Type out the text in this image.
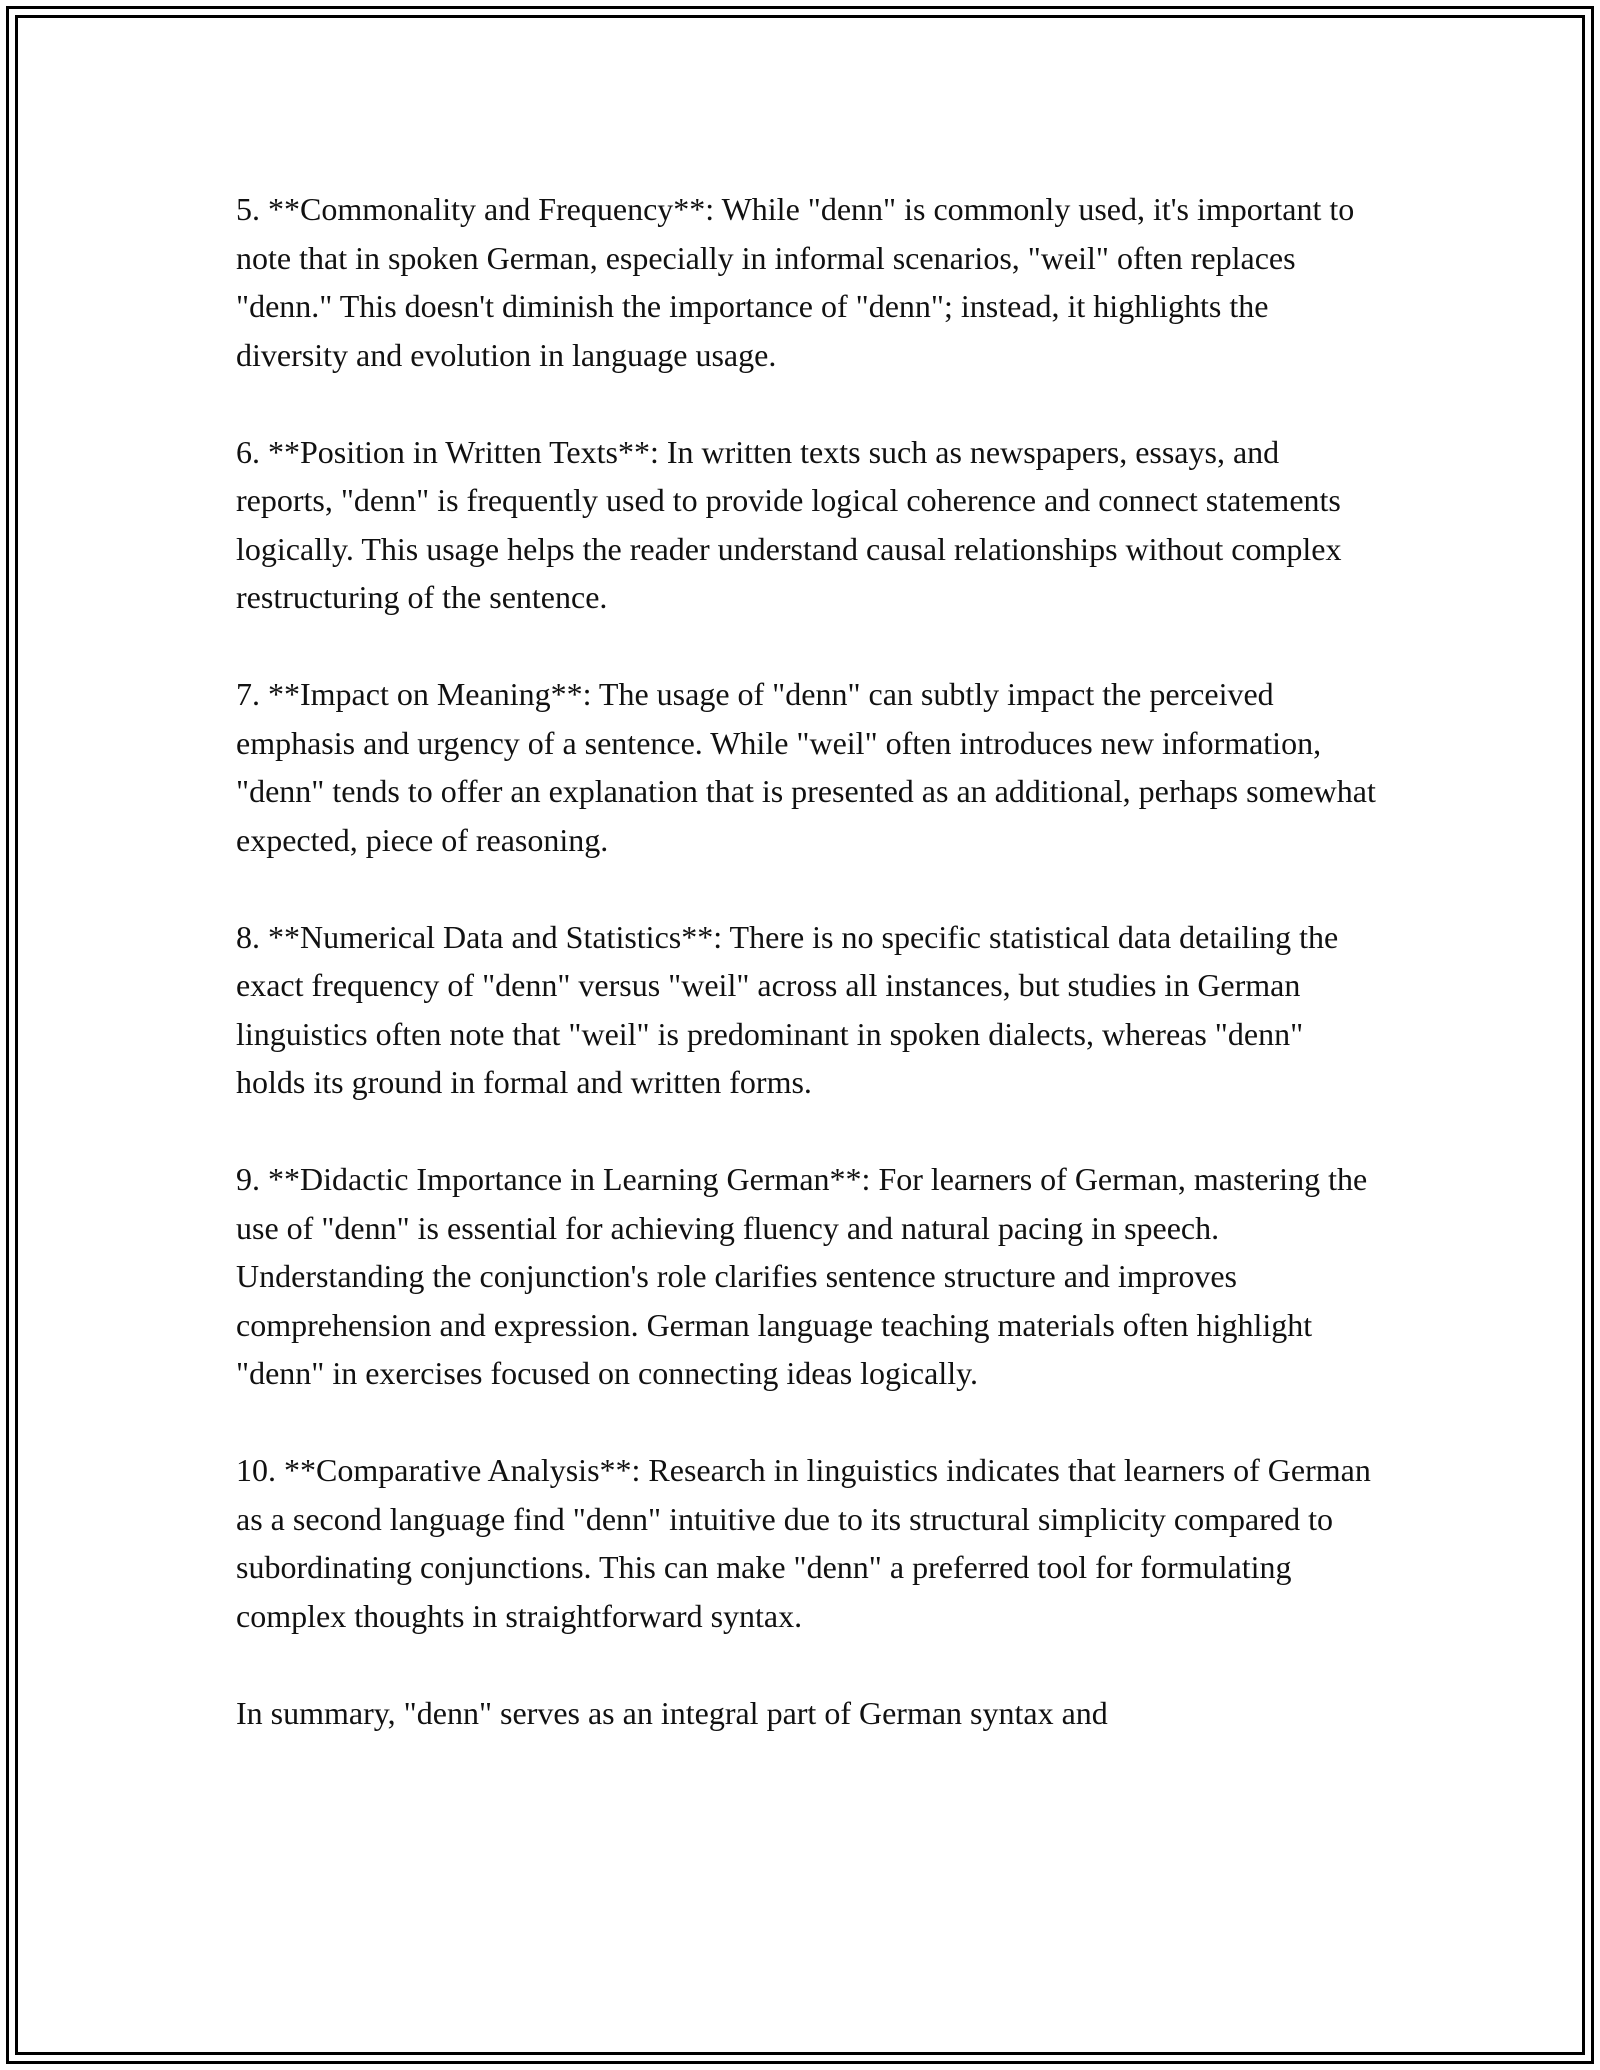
5. **Commonality and Frequency**: While "denn" is commonly used, it's important to note that in spoken German, especially in informal scenarios, "weil" often replaces "denn." This doesn't diminish the importance of "denn"; instead, it highlights the diversity and evolution in language usage.

6. **Position in Written Texts**: In written texts such as newspapers, essays, and reports, "denn" is frequently used to provide logical coherence and connect statements logically. This usage helps the reader understand causal relationships without complex restructuring of the sentence.

7. **Impact on Meaning**: The usage of "denn" can subtly impact the perceived emphasis and urgency of a sentence. While "weil" often introduces new information, "denn" tends to offer an explanation that is presented as an additional, perhaps somewhat expected, piece of reasoning.

8. **Numerical Data and Statistics**: There is no specific statistical data detailing the exact frequency of "denn" versus "weil" across all instances, but studies in German linguistics often note that "weil" is predominant in spoken dialects, whereas "denn" holds its ground in formal and written forms.

9. **Didactic Importance in Learning German**: For learners of German, mastering the use of "denn" is essential for achieving fluency and natural pacing in speech. Understanding the conjunction's role clarifies sentence structure and improves comprehension and expression. German language teaching materials often highlight "denn" in exercises focused on connecting ideas logically.

10. **Comparative Analysis**: Research in linguistics indicates that learners of German as a second language find "denn" intuitive due to its structural simplicity compared to subordinating conjunctions. This can make "denn" a preferred tool for formulating complex thoughts in straightforward syntax.

In summary, "denn" serves as an integral part of German syntax and
